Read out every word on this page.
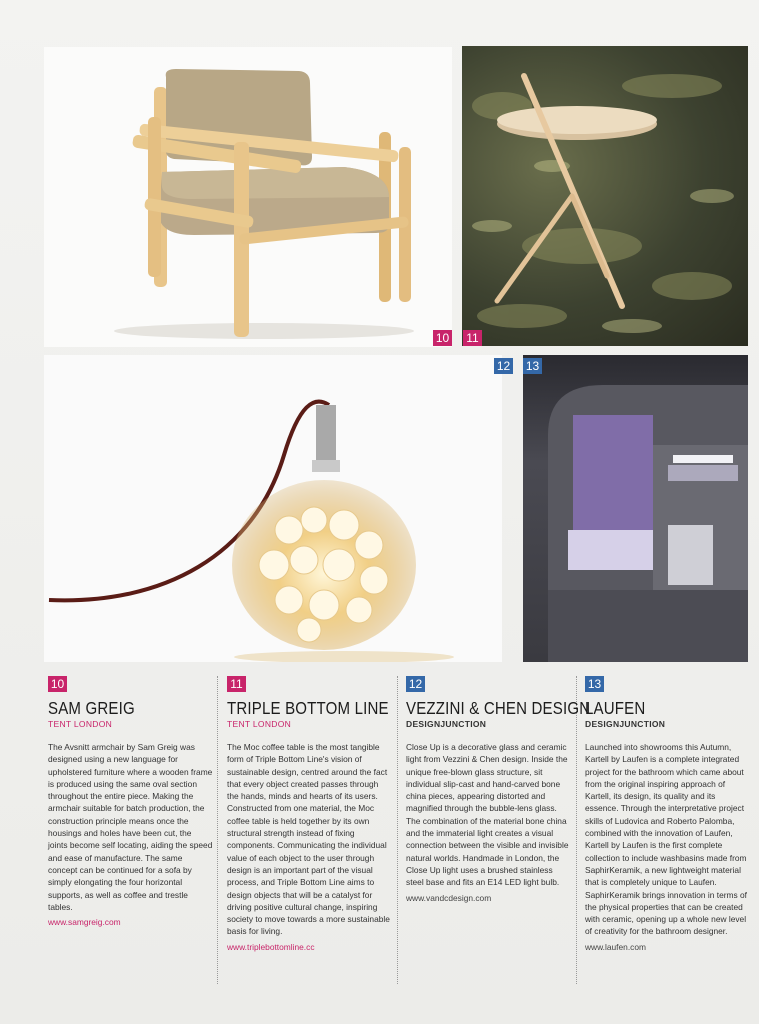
10 11
12 13
10
SAM GREIG
TENT LONDON

The Avsnitt armchair by Sam Greig was designed using a new language for upholstered furniture where a wooden frame is produced using the same oval section throughout the entire piece. Making the armchair suitable for batch production, the construction principle means once the housings and holes have been cut, the joints become self locating, aiding the speed and ease of manufacture. The same concept can be continued for a sofa by simply elongating the four horizontal supports, as well as coffee and trestle tables.

www.samgreig.com
11
TRIPLE BOTTOM LINE
TENT LONDON

The Moc coffee table is the most tangible form of Triple Bottom Line's vision of sustainable design, centred around the fact that every object created passes through the hands, minds and hearts of its users. Constructed from one material, the Moc coffee table is held together by its own structural strength instead of fixing components. Communicating the individual value of each object to the user through design is an important part of the visual process, and Triple Bottom Line aims to design objects that will be a catalyst for driving positive cultural change, inspiring society to move towards a more sustainable basis for living.

www.triplebottomline.cc
12
VEZZINI & CHEN DESIGN
DESIGNJUNCTION

Close Up is a decorative glass and ceramic light from Vezzini & Chen design. Inside the unique free-blown glass structure, sit individual slip-cast and hand-carved bone china pieces, appearing distorted and magnified through the bubble-lens glass. The combination of the material bone china and the immaterial light creates a visual connection between the visible and invisible natural worlds. Handmade in London, the Close Up light uses a brushed stainless steel base and fits an E14 LED light bulb.

www.vandcdesign.com
13
LAUFEN
DESIGNJUNCTION

Launched into showrooms this Autumn, Kartell by Laufen is a complete integrated project for the bathroom which came about from the original inspiring approach of Kartell, its design, its quality and its essence. Through the interpretative project skills of Ludovica and Roberto Palomba, combined with the innovation of Laufen, Kartell by Laufen is the first complete collection to include washbasins made from SaphirKeramik, a new lightweight material that is completely unique to Laufen. SaphirKeramik brings innovation in terms of the physical properties that can be created with ceramic, opening up a whole new level of creativity for the bathroom designer.

www.laufen.com
